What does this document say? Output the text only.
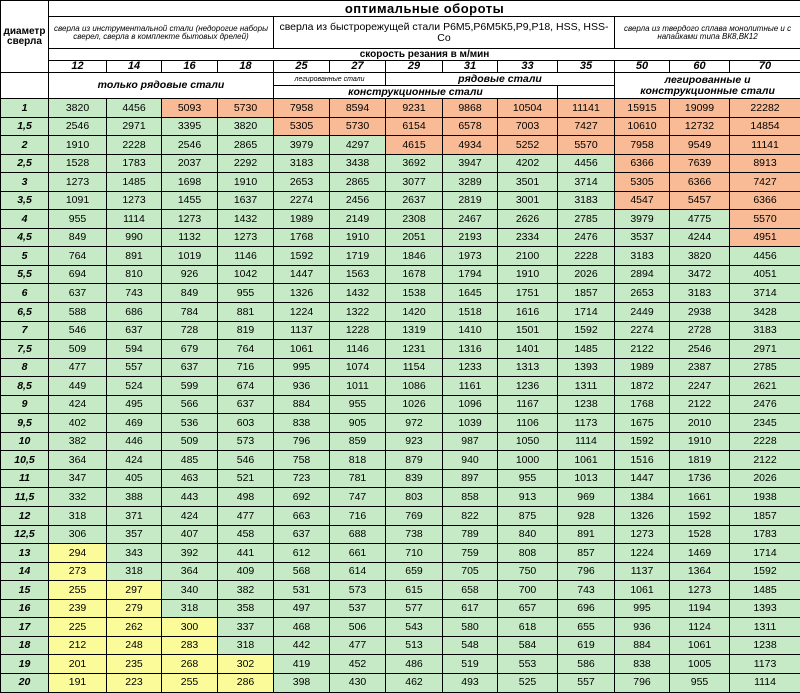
диаметр сверла	оптимальные обороты												
	сверла из инструментальной стали (недорогие наборы сверел, сверла в комплекте бытовых дрелей)				сверла из быстрорежущей стали Р6М5,Р6М5К5,Р9,Р18, HSS, HSS-Co						сверла из твердого сплава монолитные и с напайками типа ВК8,ВК12		
	скорость резания в м/мин												
	12	14	16	18	25	27	29	31	33	35	50	60	70
	только рядовые стали				легированные стали		рядовые стали				легированные и конструкционные стали		
					конструкционные стали								
1	3820	4456	5093	5730	7958	8594	9231	9868	10504	11141	15915	19099	22282
1,5	2546	2971	3395	3820	5305	5730	6154	6578	7003	7427	10610	12732	14854
2	1910	2228	2546	2865	3979	4297	4615	4934	5252	5570	7958	9549	11141
2,5	1528	1783	2037	2292	3183	3438	3692	3947	4202	4456	6366	7639	8913
3	1273	1485	1698	1910	2653	2865	3077	3289	3501	3714	5305	6366	7427
3,5	1091	1273	1455	1637	2274	2456	2637	2819	3001	3183	4547	5457	6366
4	955	1114	1273	1432	1989	2149	2308	2467	2626	2785	3979	4775	5570
4,5	849	990	1132	1273	1768	1910	2051	2193	2334	2476	3537	4244	4951
5	764	891	1019	1146	1592	1719	1846	1973	2100	2228	3183	3820	4456
5,5	694	810	926	1042	1447	1563	1678	1794	1910	2026	2894	3472	4051
6	637	743	849	955	1326	1432	1538	1645	1751	1857	2653	3183	3714
6,5	588	686	784	881	1224	1322	1420	1518	1616	1714	2449	2938	3428
7	546	637	728	819	1137	1228	1319	1410	1501	1592	2274	2728	3183
7,5	509	594	679	764	1061	1146	1231	1316	1401	1485	2122	2546	2971
8	477	557	637	716	995	1074	1154	1233	1313	1393	1989	2387	2785
8,5	449	524	599	674	936	1011	1086	1161	1236	1311	1872	2247	2621
9	424	495	566	637	884	955	1026	1096	1167	1238	1768	2122	2476
9,5	402	469	536	603	838	905	972	1039	1106	1173	1675	2010	2345
10	382	446	509	573	796	859	923	987	1050	1114	1592	1910	2228
10,5	364	424	485	546	758	818	879	940	1000	1061	1516	1819	2122
11	347	405	463	521	723	781	839	897	955	1013	1447	1736	2026
11,5	332	388	443	498	692	747	803	858	913	969	1384	1661	1938
12	318	371	424	477	663	716	769	822	875	928	1326	1592	1857
12,5	306	357	407	458	637	688	738	789	840	891	1273	1528	1783
13	294	343	392	441	612	661	710	759	808	857	1224	1469	1714
14	273	318	364	409	568	614	659	705	750	796	1137	1364	1592
15	255	297	340	382	531	573	615	658	700	743	1061	1273	1485
16	239	279	318	358	497	537	577	617	657	696	995	1194	1393
17	225	262	300	337	468	506	543	580	618	655	936	1124	1311
18	212	248	283	318	442	477	513	548	584	619	884	1061	1238
19	201	235	268	302	419	452	486	519	553	586	838	1005	1173
20	191	223	255	286	398	430	462	493	525	557	796	955	1114
